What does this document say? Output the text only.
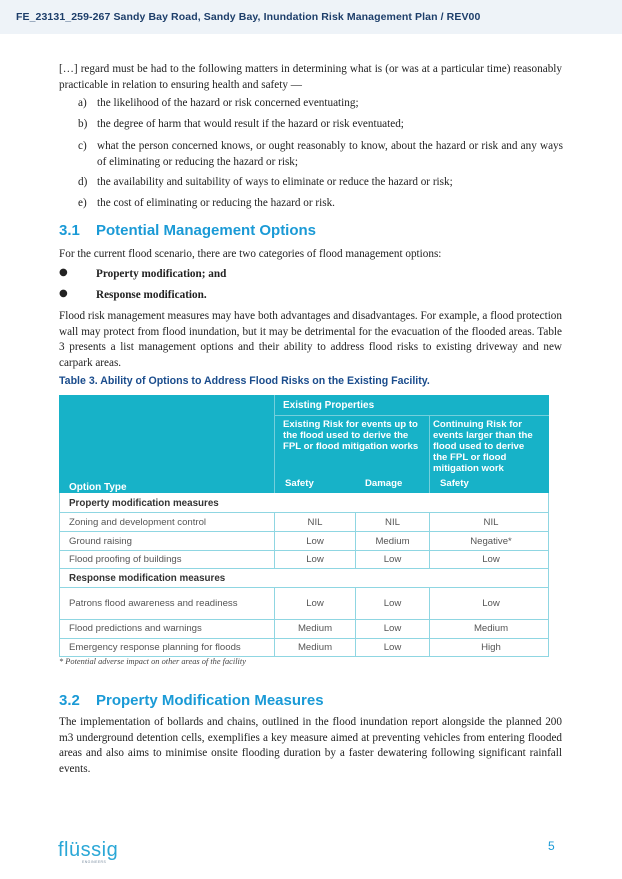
FE_23131_259-267 Sandy Bay Road, Sandy Bay, Inundation Risk Management Plan / REV00
[…] regard must be had to the following matters in determining what is (or was at a particular time) reasonably practicable in relation to ensuring health and safety —
a) the likelihood of the hazard or risk concerned eventuating;
b) the degree of harm that would result if the hazard or risk eventuated;
c) what the person concerned knows, or ought reasonably to know, about the hazard or risk and any ways of eliminating or reducing the hazard or risk;
d) the availability and suitability of ways to eliminate or reduce the hazard or risk;
e) the cost of eliminating or reducing the hazard or risk.
3.1 Potential Management Options
For the current flood scenario, there are two categories of flood management options:
●	Property modification; and
●	Response modification.
Flood risk management measures may have both advantages and disadvantages. For example, a flood protection wall may protect from flood inundation, but it may be detrimental for the evacuation of the flooded areas. Table 3 presents a list management options and their ability to address flood risks to existing driveway and new carpark areas.
Table 3. Ability of Options to Address Flood Risks on the Existing Facility.
Existing Properties
Existing Risk for events up to
the flood used to derive the
FPL or flood mitigation works
Continuing Risk for
events larger than the
flood used to derive
the FPL or flood
mitigation work
Option Type	Safety	Damage	Safety
Property modification measures
Zoning and development control	NIL	NIL	NIL
Ground raising	Low	Medium	Negative*
Flood proofing of buildings	Low	Low	Low
Response modification measures
Patrons flood awareness and readiness	Low	Low	Low
Flood predictions and warnings	Medium	Low	Medium
Emergency response planning for floods	Medium	Low	High
* Potential adverse impact on other areas of the facility
3.2 Property Modification Measures
The implementation of bollards and chains, outlined in the flood inundation report alongside the planned 200 m3 underground detention cells, exemplifies a key measure aimed at preventing vehicles from entering flooded areas and also aims to minimise onsite flooding duration by a faster dewatering following significant rainfall events.
flüssig
ENGINEERS
5
